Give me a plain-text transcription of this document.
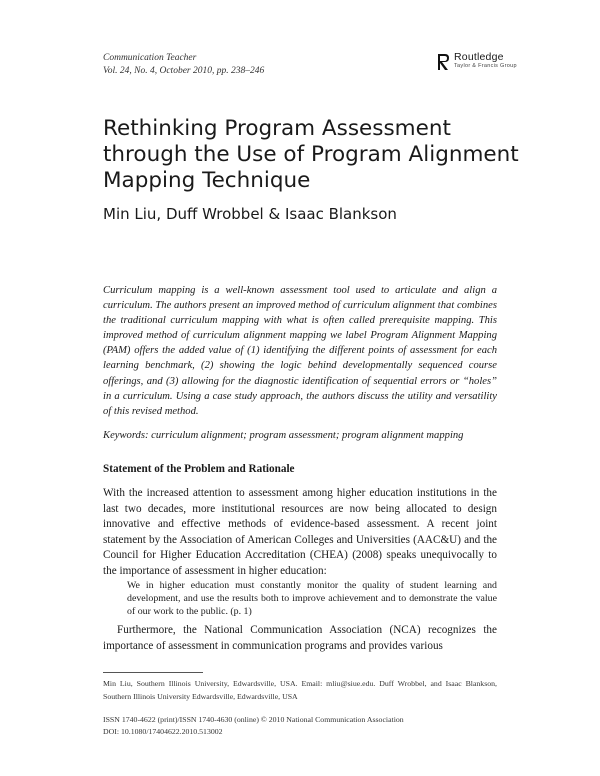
Communication Teacher
Vol. 24, No. 4, October 2010, pp. 238–246
Routledge
Taylor & Francis Group
Rethinking Program Assessment through the Use of Program Alignment Mapping Technique
Min Liu, Duff Wrobbel & Isaac Blankson

Curriculum mapping is a well-known assessment tool used to articulate and align a curriculum. The authors present an improved method of curriculum alignment that combines the traditional curriculum mapping with what is often called prerequisite mapping. This improved method of curriculum alignment mapping we label Program Alignment Mapping (PAM) offers the added value of (1) identifying the different points of assessment for each learning benchmark, (2) showing the logic behind developmentally sequenced course offerings, and (3) allowing for the diagnostic identification of sequential errors or “holes” in a curriculum. Using a case study approach, the authors discuss the utility and versatility of this revised method.

Keywords: curriculum alignment; program assessment; program alignment mapping
Statement of the Problem and Rationale

With the increased attention to assessment among higher education institutions in the last two decades, more institutional resources are now being allocated to design innovative and effective methods of evidence-based assessment. A recent joint statement by the Association of American Colleges and Universities (AAC&U) and the Council for Higher Education Accreditation (CHEA) (2008) speaks unequivocally to the importance of assessment in higher education:

We in higher education must constantly monitor the quality of student learning and development, and use the results both to improve achievement and to demonstrate the value of our work to the public. (p. 1)

Furthermore, the National Communication Association (NCA) recognizes the importance of assessment in communication programs and provides various

Min Liu, Southern Illinois University, Edwardsville, USA. Email: mliu@siue.edu. Duff Wrobbel, and Isaac Blankson, Southern Illinois University Edwardsville, Edwardsville, USA

ISSN 1740-4622 (print)/ISSN 1740-4630 (online) © 2010 National Communication Association
DOI: 10.1080/17404622.2010.513002
